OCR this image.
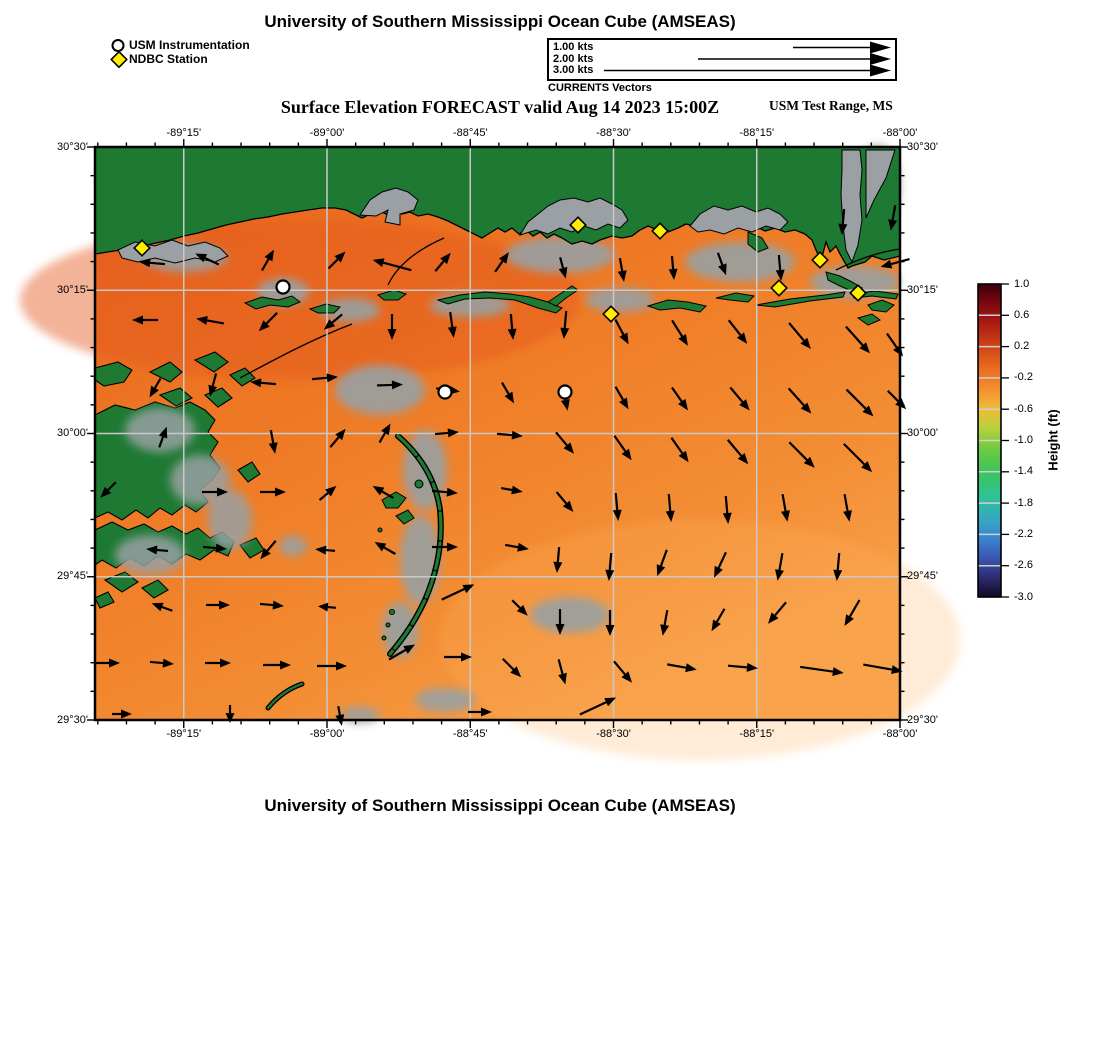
University of Southern Mississippi Ocean Cube (AMSEAS)
USM Instrumentation
NDBC Station
1.00 kts
2.00 kts
3.00 kts
CURRENTS Vectors
Surface Elevation FORECAST valid Aug 14 2023 15:00Z	USM Test Range, MS
University of Southern Mississippi Ocean Cube (AMSEAS)
Height (ft)
-89°15'
-89°15'
-89°00'
-89°00'
-88°45'
-88°45'
-88°30'
-88°30'
-88°15'
-88°15'
-88°00'
-88°00'
30°30'	30°30'
30°15'	30°15'
30°00'	30°00'
29°45'	29°45'
29°30'	29°30'
1.0
0.6
0.2
-0.2
-0.6
-1.0
-1.4
-1.8
-2.2
-2.6
-3.0
